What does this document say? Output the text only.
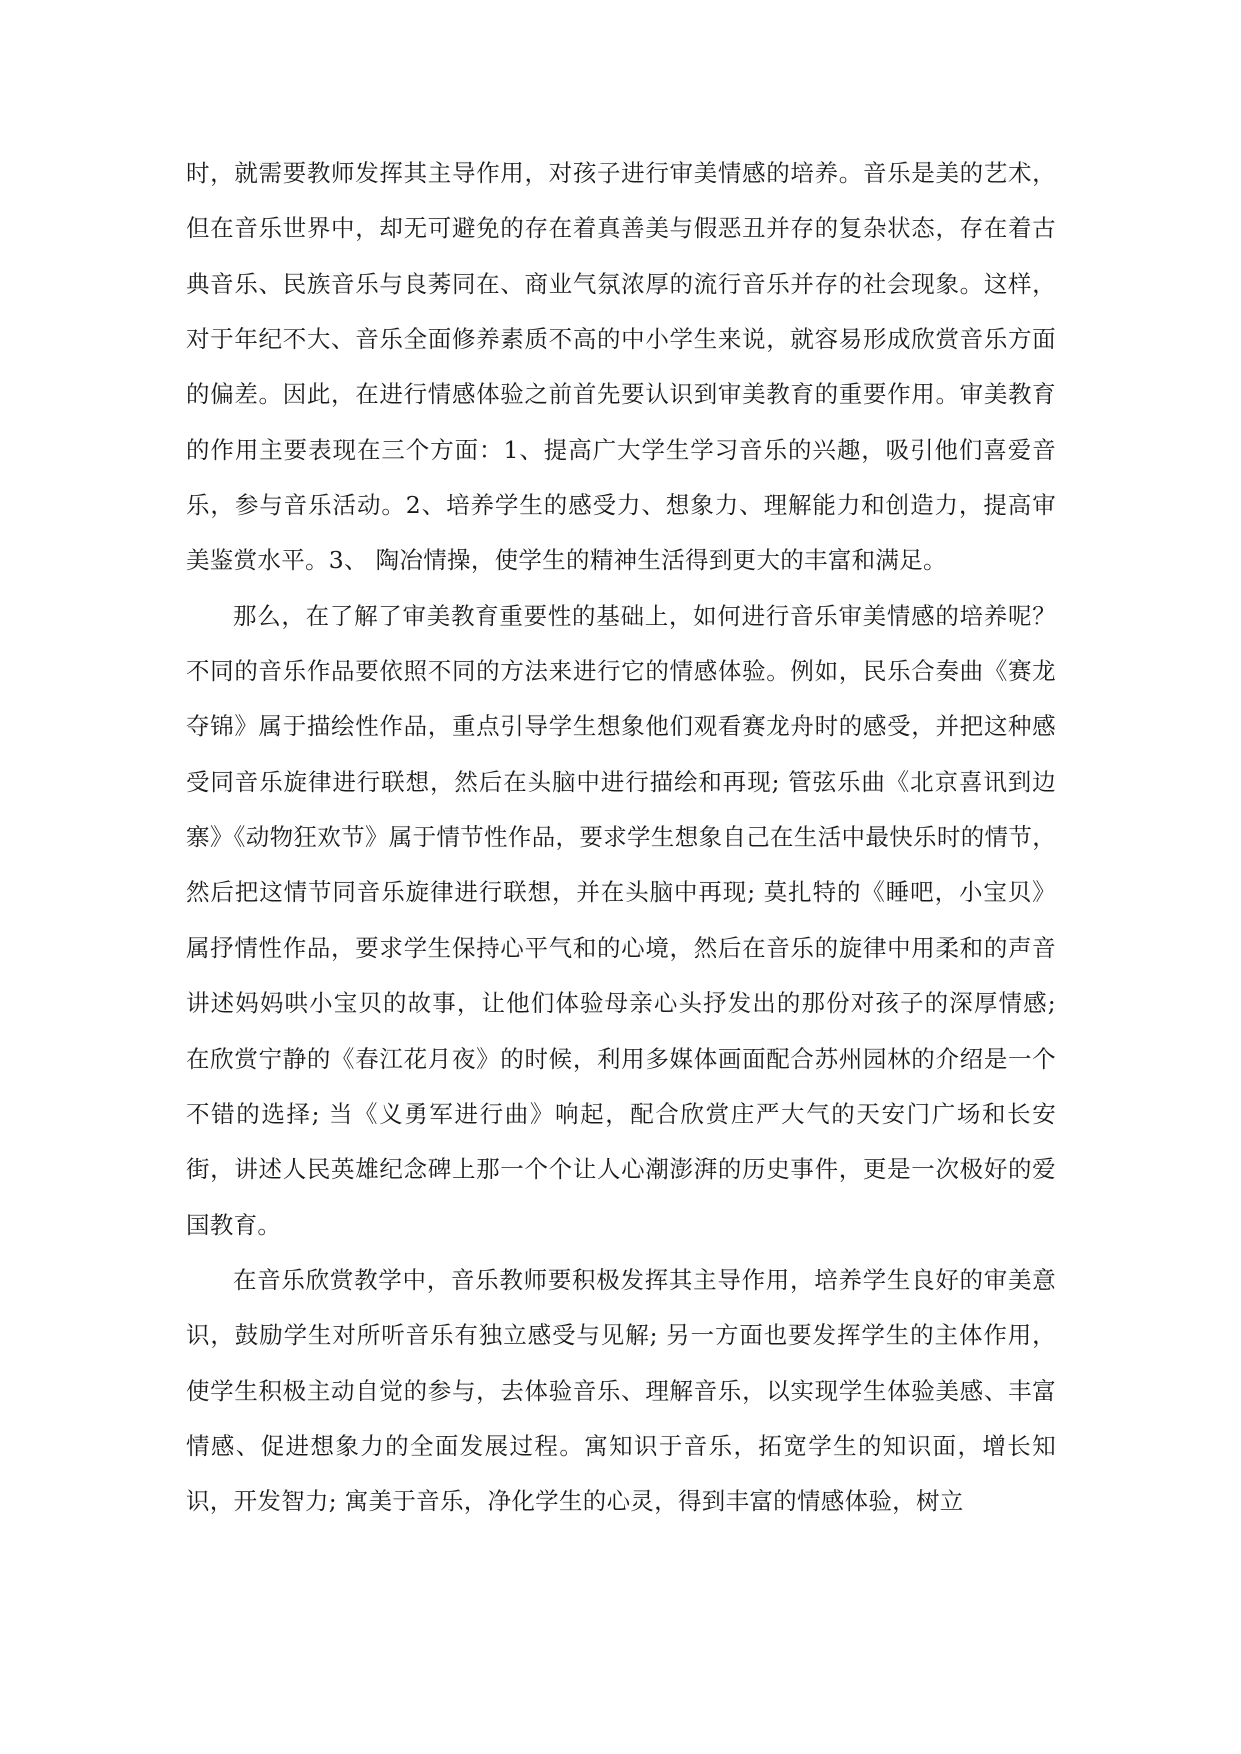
时，就需要教师发挥其主导作用，对孩子进行审美情感的培养。音乐是美的艺术，但在音乐世界中，却无可避免的存在着真善美与假恶丑并存的复杂状态，存在着古典音乐、民族音乐与良莠同在、商业气氛浓厚的流行音乐并存的社会现象。这样，对于年纪不大、音乐全面修养素质不高的中小学生来说，就容易形成欣赏音乐方面的偏差。因此，在进行情感体验之前首先要认识到审美教育的重要作用。审美教育的作用主要表现在三个方面：1、提高广大学生学习音乐的兴趣，吸引他们喜爱音乐，参与音乐活动。2、培养学生的感受力、想象力、理解能力和创造力，提高审美鉴赏水平。3、 陶冶情操，使学生的精神生活得到更大的丰富和满足。

那么，在了解了审美教育重要性的基础上，如何进行音乐审美情感的培养呢？不同的音乐作品要依照不同的方法来进行它的情感体验。例如，民乐合奏曲《赛龙夺锦》属于描绘性作品，重点引导学生想象他们观看赛龙舟时的感受，并把这种感受同音乐旋律进行联想，然后在头脑中进行描绘和再现; 管弦乐曲《北京喜讯到边寨》《动物狂欢节》属于情节性作品，要求学生想象自己在生活中最快乐时的情节，然后把这情节同音乐旋律进行联想，并在头脑中再现; 莫扎特的《睡吧，小宝贝》属抒情性作品，要求学生保持心平气和的心境，然后在音乐的旋律中用柔和的声音讲述妈妈哄小宝贝的故事，让他们体验母亲心头抒发出的那份对孩子的深厚情感; 在欣赏宁静的《春江花月夜》的时候，利用多媒体画面配合苏州园林的介绍是一个不错的选择; 当《义勇军进行曲》响起，配合欣赏庄严大气的天安门广场和长安街，讲述人民英雄纪念碑上那一个个让人心潮澎湃的历史事件，更是一次极好的爱国教育。

在音乐欣赏教学中，音乐教师要积极发挥其主导作用，培养学生良好的审美意识，鼓励学生对所听音乐有独立感受与见解; 另一方面也要发挥学生的主体作用，使学生积极主动自觉的参与，去体验音乐、理解音乐，以实现学生体验美感、丰富情感、促进想象力的全面发展过程。寓知识于音乐，拓宽学生的知识面，增长知识，开发智力; 寓美于音乐，净化学生的心灵，得到丰富的情感体验，树立
